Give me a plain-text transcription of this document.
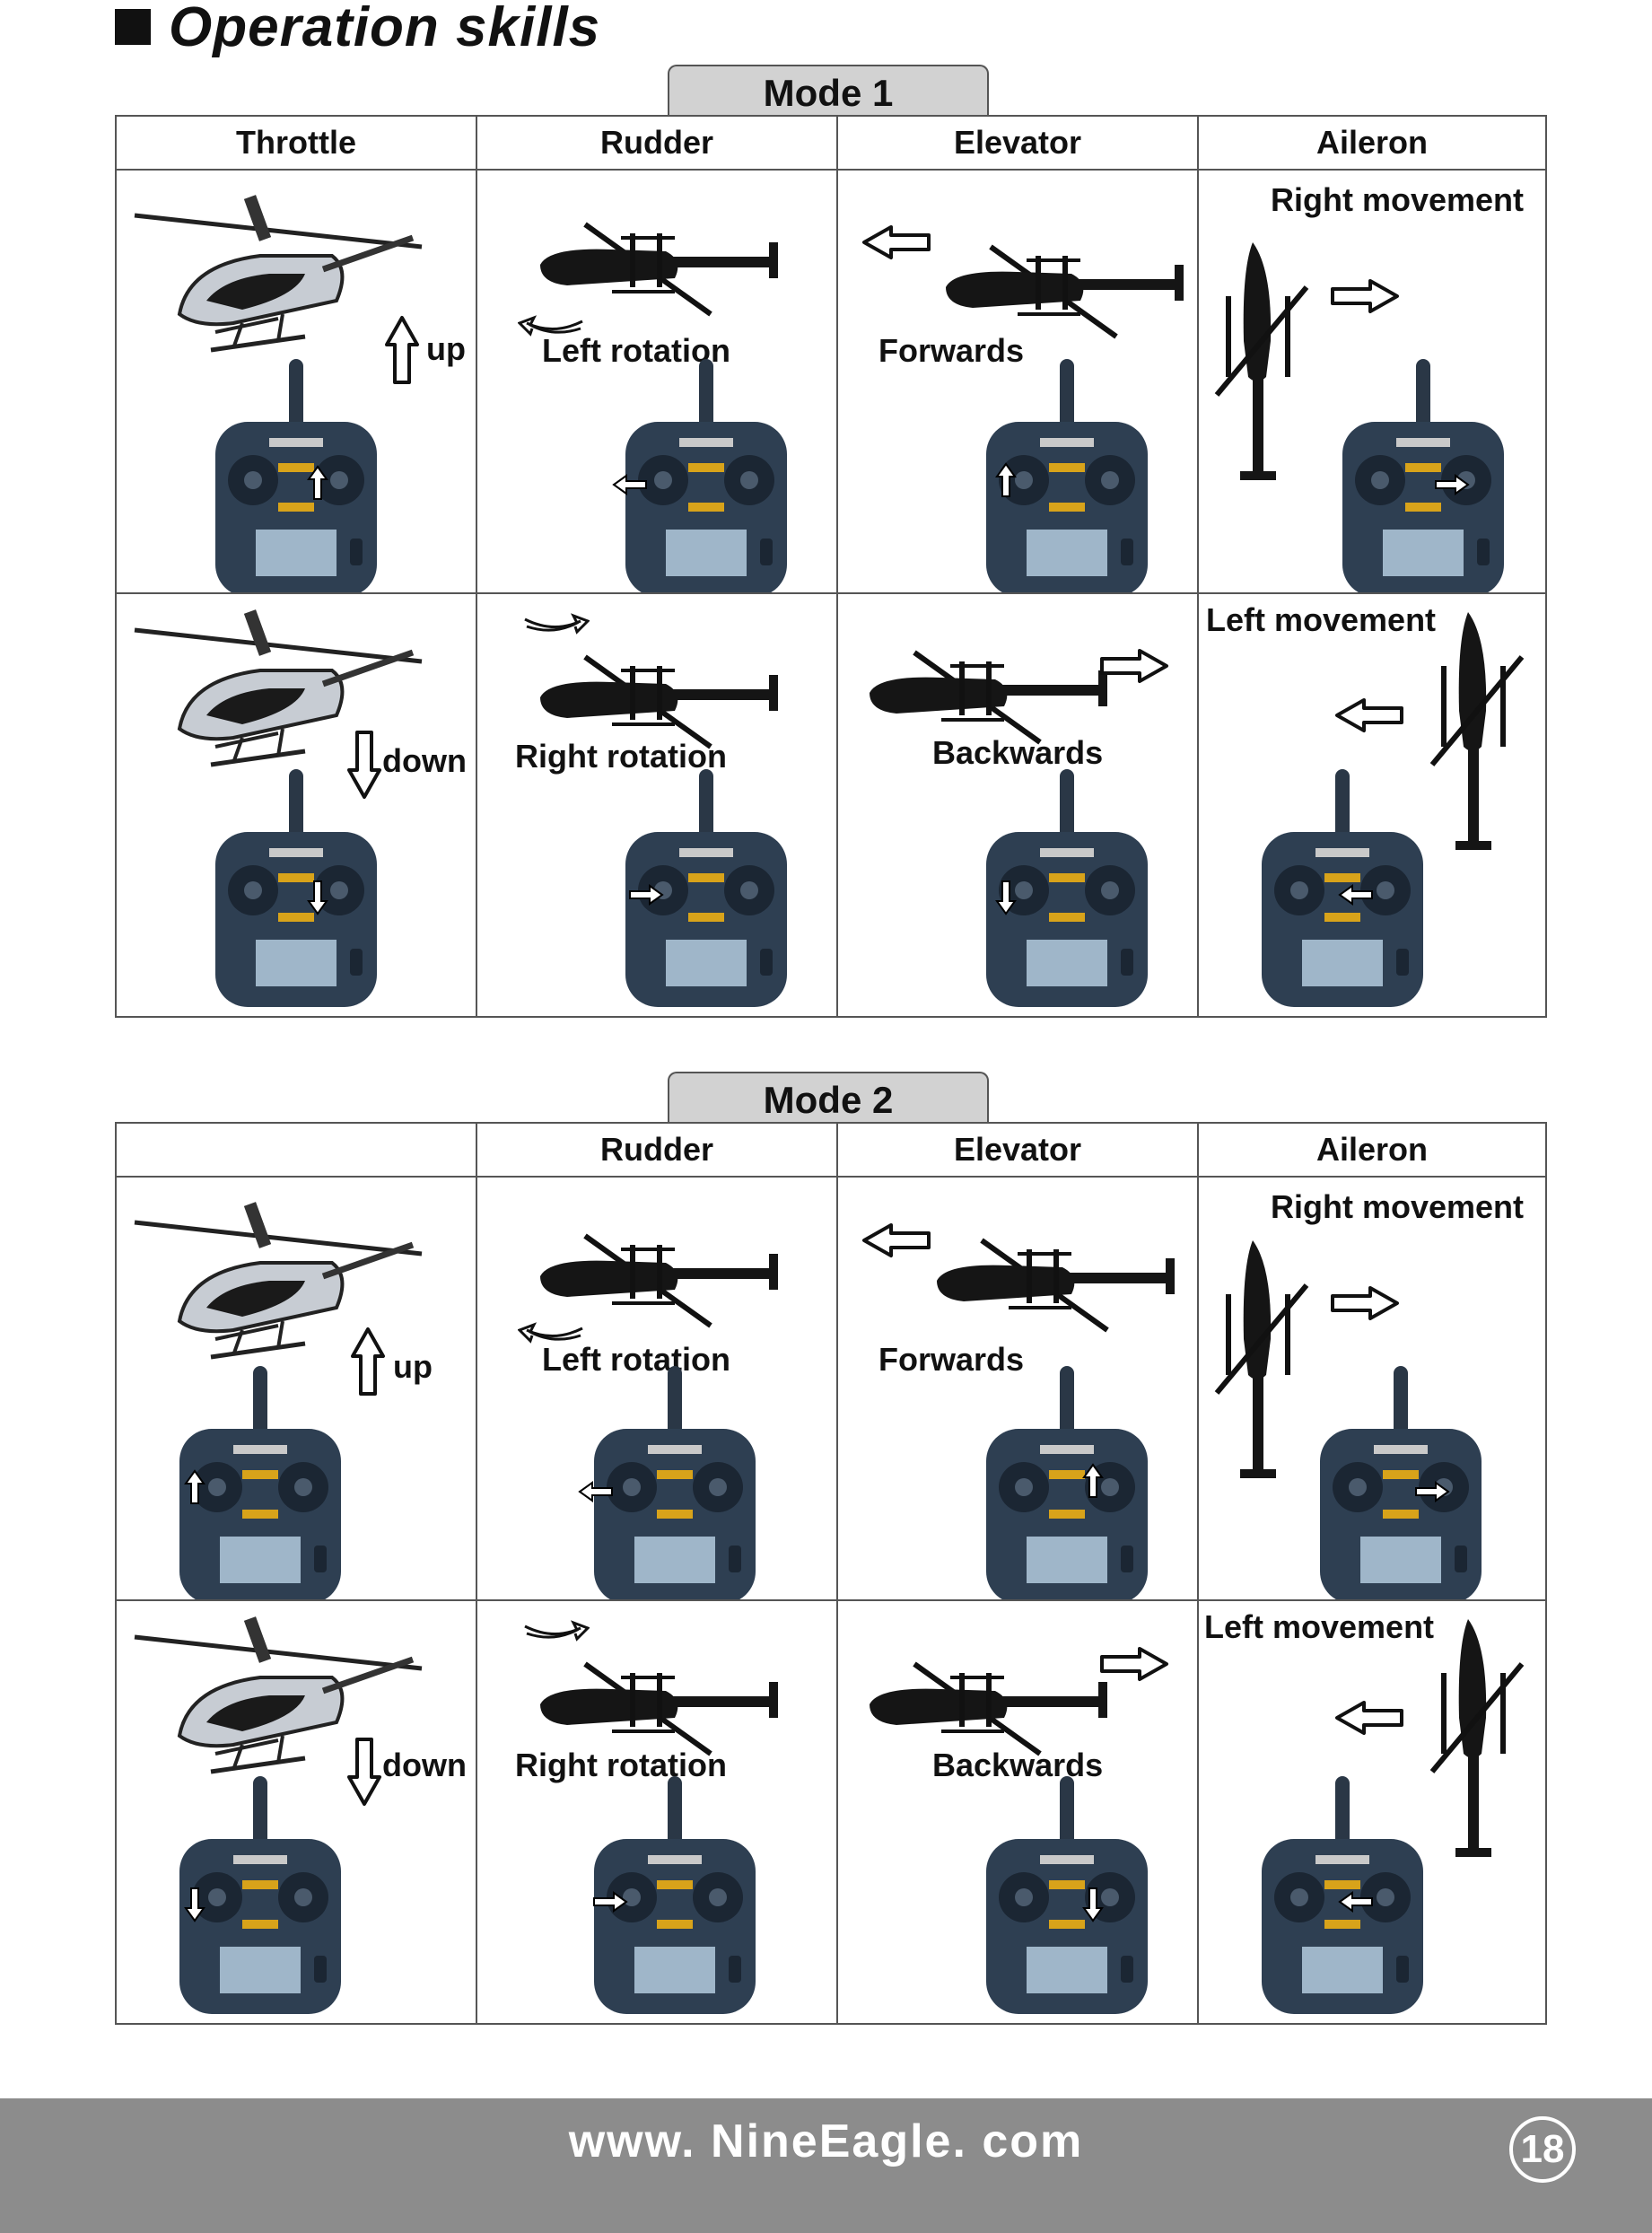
Operation skills
Mode 1
Throttle	Rudder	Elevator	Aileron

up	Left rotation	Forwards	Right movement

down	Right rotation	Backwards	Left movement
Mode 2
	Rudder	Elevator	Aileron

up	Left rotation	Forwards	Right movement

down	Right rotation	Backwards	Left movement
www. NineEagle. com	18
